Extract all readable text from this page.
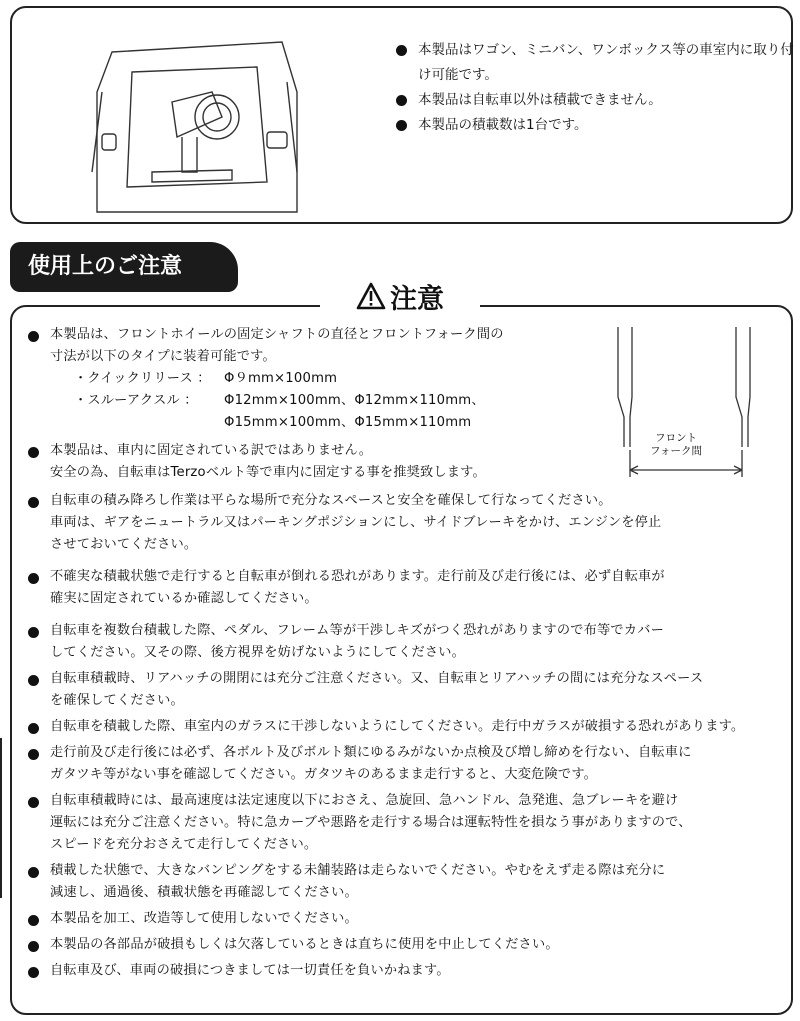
本製品はワゴン、ミニバン、ワンボックス等の車室内に取り付け可能です。
本製品は自転車以外は積載できません。
本製品の積載数は1台です。
使用上のご注意
注意
フロント
フォーク間
本製品は、フロントホイールの固定シャフトの直径とフロントフォーク間の
寸法が以下のタイプに装着可能です。
・クイックリリース ： Φ９mm×100mm
・スルーアクスル ： Φ12mm×100mm、Φ12mm×110mm、
Φ15mm×100mm、Φ15mm×110mm
本製品は、車内に固定されている訳ではありません。
安全の為、自転車はTerzoベルト等で車内に固定する事を推奨致します。
自転車の積み降ろし作業は平らな場所で充分なスペースと安全を確保して行なってください。
車両は、ギアをニュートラル又はパーキングポジションにし、サイドブレーキをかけ、エンジンを停止
させておいてください。
不確実な積載状態で走行すると自転車が倒れる恐れがあります。走行前及び走行後には、必ず自転車が
確実に固定されているか確認してください。
自転車を複数台積載した際、ペダル、フレーム等が干渉しキズがつく恐れがありますので布等でカバー
してください。又その際、後方視界を妨げないようにしてください。
自転車積載時、リアハッチの開閉には充分ご注意ください。又、自転車とリアハッチの間には充分なスペース
を確保してください。
自転車を積載した際、車室内のガラスに干渉しないようにしてください。走行中ガラスが破損する恐れがあります。
走行前及び走行後には必ず、各ボルト及びボルト類にゆるみがないか点検及び増し締めを行ない、自転車に
ガタツキ等がない事を確認してください。ガタツキのあるまま走行すると、大変危険です。
自転車積載時には、最高速度は法定速度以下におさえ、急旋回、急ハンドル、急発進、急ブレーキを避け
運転には充分ご注意ください。特に急カーブや悪路を走行する場合は運転特性を損なう事がありますので、
スピードを充分おさえて走行してください。
積載した状態で、大きなバンピングをする未舗装路は走らないでください。やむをえず走る際は充分に
減速し、通過後、積載状態を再確認してください。
本製品を加工、改造等して使用しないでください。
本製品の各部品が破損もしくは欠落しているときは直ちに使用を中止してください。
自転車及び、車両の破損につきましては一切責任を負いかねます。
